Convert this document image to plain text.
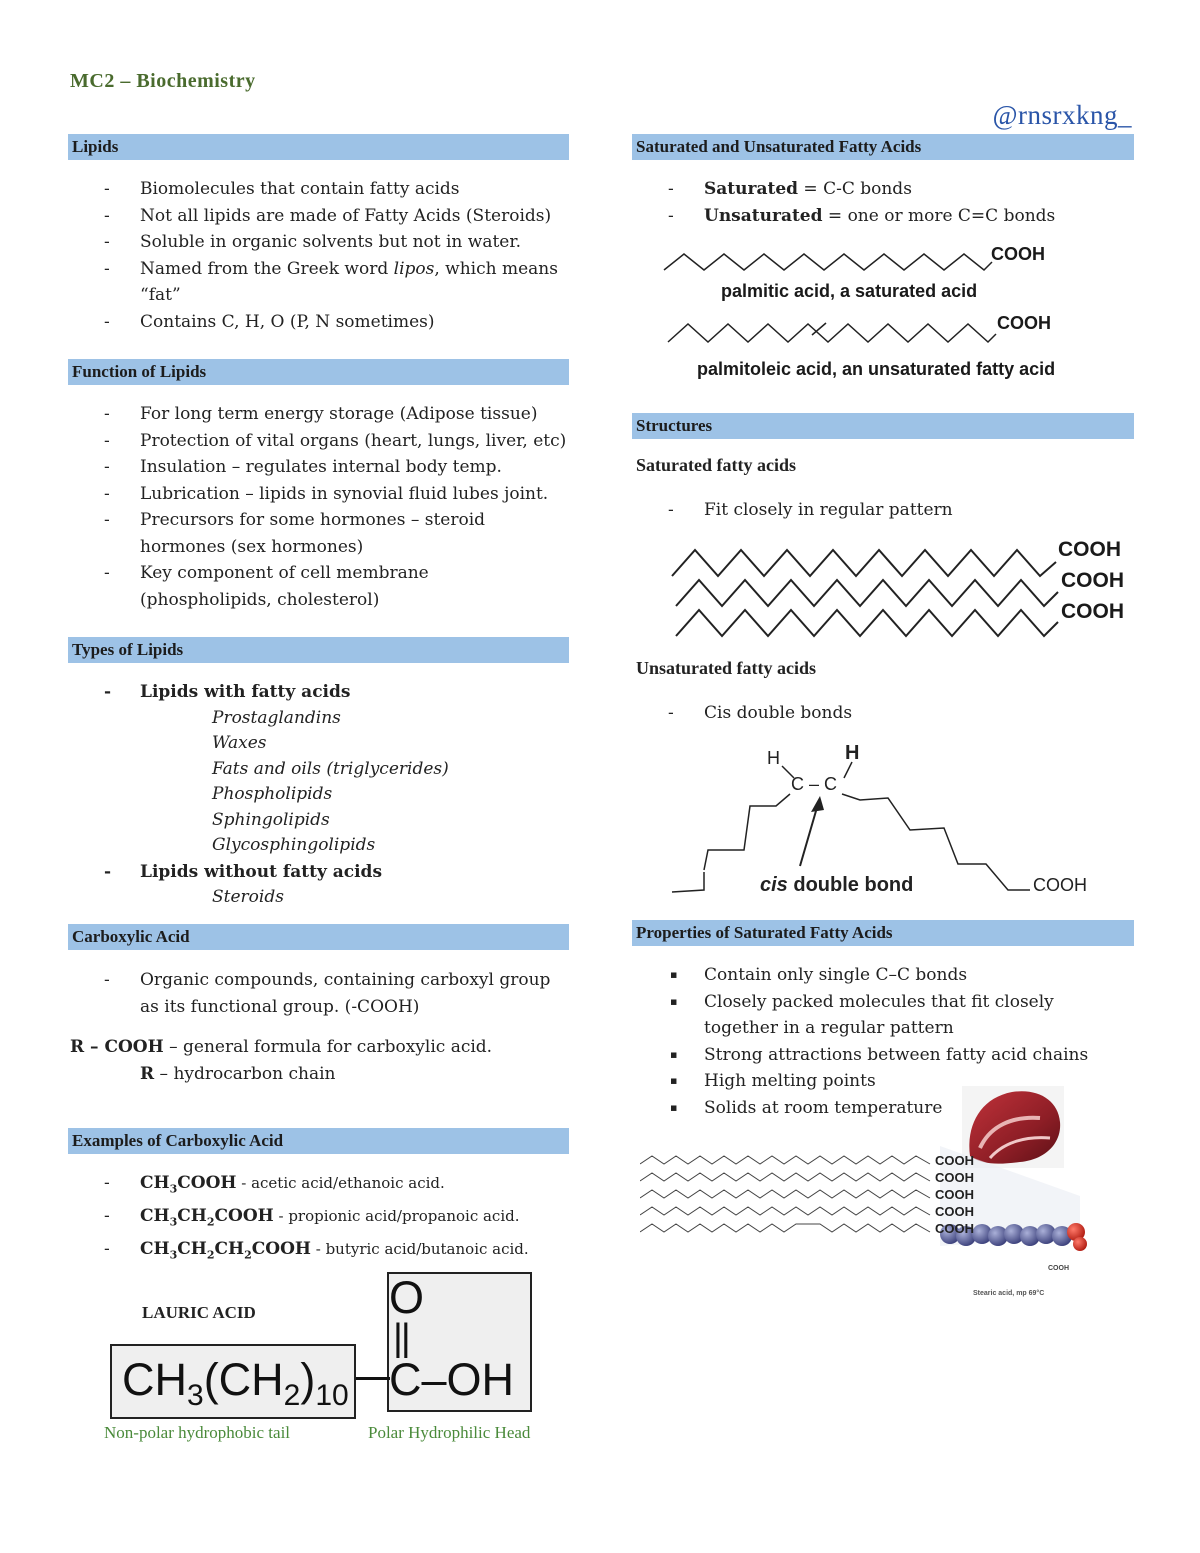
MC2 – Biochemistry
@rnsrxkng_
Lipids
- Biomolecules that contain fatty acids
- Not all lipids are made of Fatty Acids (Steroids)
- Soluble in organic solvents but not in water.
- Named from the Greek word lipos, which means “fat”
- Contains C, H, O (P, N sometimes)
Function of Lipids
- For long term energy storage (Adipose tissue)
- Protection of vital organs (heart, lungs, liver, etc)
- Insulation – regulates internal body temp.
- Lubrication – lipids in synovial fluid lubes joint.
- Precursors for some hormones – steroid hormones (sex hormones)
- Key component of cell membrane (phospholipids, cholesterol)
Types of Lipids
- Lipids with fatty acids
Prostaglandins
Waxes
Fats and oils (triglycerides)
Phospholipids
Sphingolipids
Glycosphingolipids
- Lipids without fatty acids
Steroids
Carboxylic Acid
- Organic compounds, containing carboxyl group as its functional group. (-COOH)
R – COOH – general formula for carboxylic acid.
R – hydrocarbon chain
Examples of Carboxylic Acid
- $CH_3COOH$ - acetic acid/ethanoic acid.
- $CH_3CH_2COOH$ - propionic acid/propanoic acid.
- $CH_3CH_2CH_2COOH$ - butyric acid/butanoic acid.
LAURIC ACID
$CH_3(CH_2)_{10}$
O
||
C–OH
Non-polar hydrophobic tail	Polar Hydrophilic Head
Saturated and Unsaturated Fatty Acids
- Saturated = C-C bonds
- Unsaturated = one or more C=C bonds
COOH
palmitic acid, a saturated acid
COOH
palmitoleic acid, an unsaturated fatty acid
Structures
Saturated fatty acids
- Fit closely in regular pattern
COOH
COOH
COOH
Unsaturated fatty acids
- Cis double bonds
H	H
C – C
cis double bond	COOH
Properties of Saturated Fatty Acids
▪ Contain only single C–C bonds
▪ Closely packed molecules that fit closely together in a regular pattern
▪ Strong attractions between fatty acid chains
▪ High melting points
▪ Solids at room temperature
COOH
COOH
COOH
COOH
COOH
COOH
Stearic acid, mp 69°C
